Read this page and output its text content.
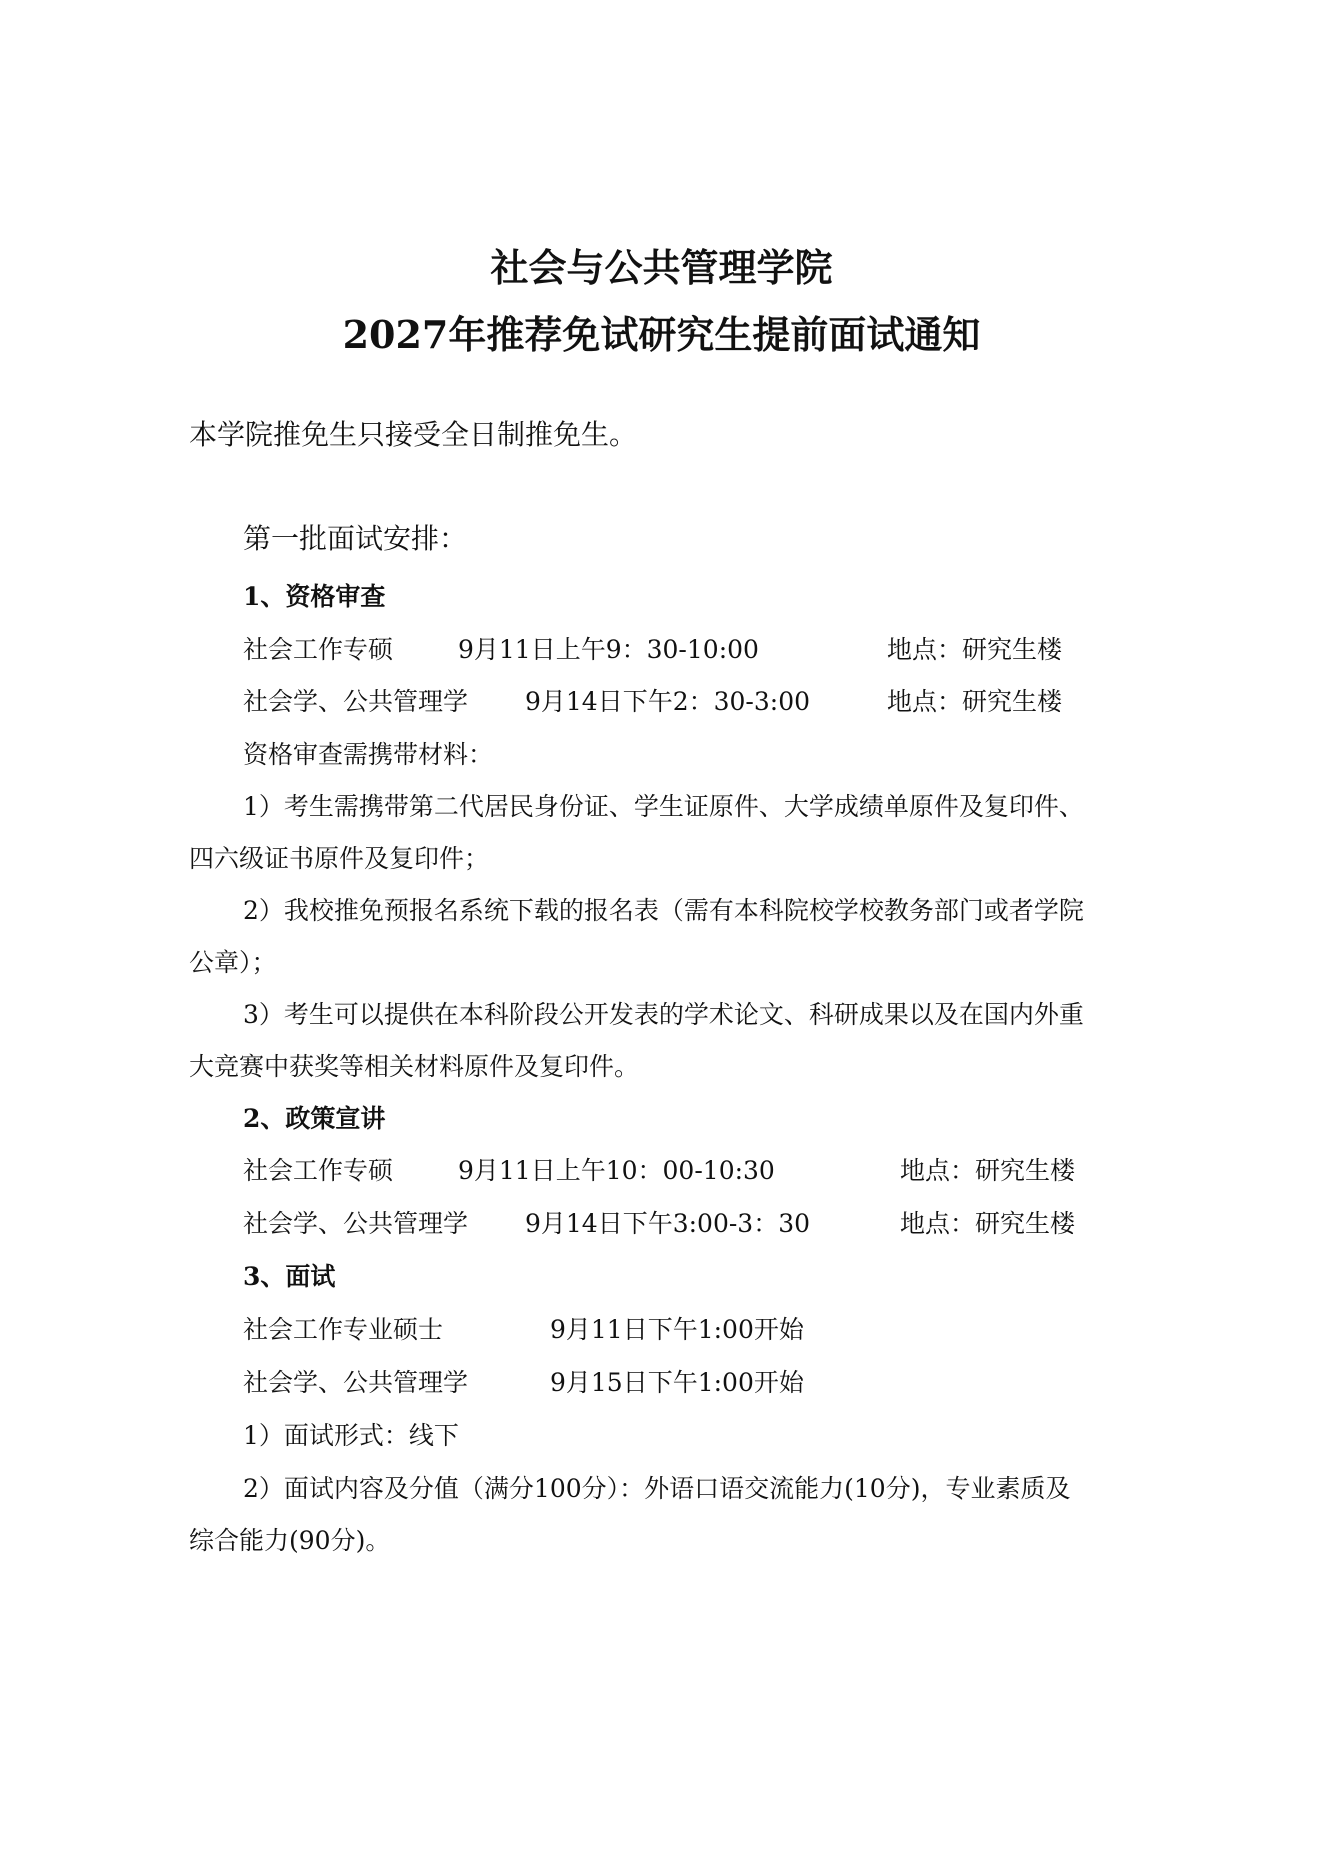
社会与公共管理学院
2027年推荐免试研究生提前面试通知
本学院推免生只接受全日制推免生。
第一批面试安排：
1、资格审查
社会工作专硕	9月11日上午9：30-10:00	地点：研究生楼
社会学、公共管理学 9月14日下午2：30-3:00	地点：研究生楼
资格审查需携带材料：
1）考生需携带第二代居民身份证、学生证原件、大学成绩单原件及复印件、
四六级证书原件及复印件；
2）我校推免预报名系统下载的报名表（需有本科院校学校教务部门或者学院
公章）；
3）考生可以提供在本科阶段公开发表的学术论文、科研成果以及在国内外重
大竞赛中获奖等相关材料原件及复印件。
2、政策宣讲
社会工作专硕	9月11日上午10：00-10:30	地点：研究生楼
社会学、公共管理学 9月14日下午3:00-3：30	地点：研究生楼
3、面试
社会工作专业硕士	9月11日下午1:00开始
社会学、公共管理学	9月15日下午1:00开始
1）面试形式：线下
2）面试内容及分值（满分100分）：外语口语交流能力(10分)，专业素质及
综合能力(90分)。
